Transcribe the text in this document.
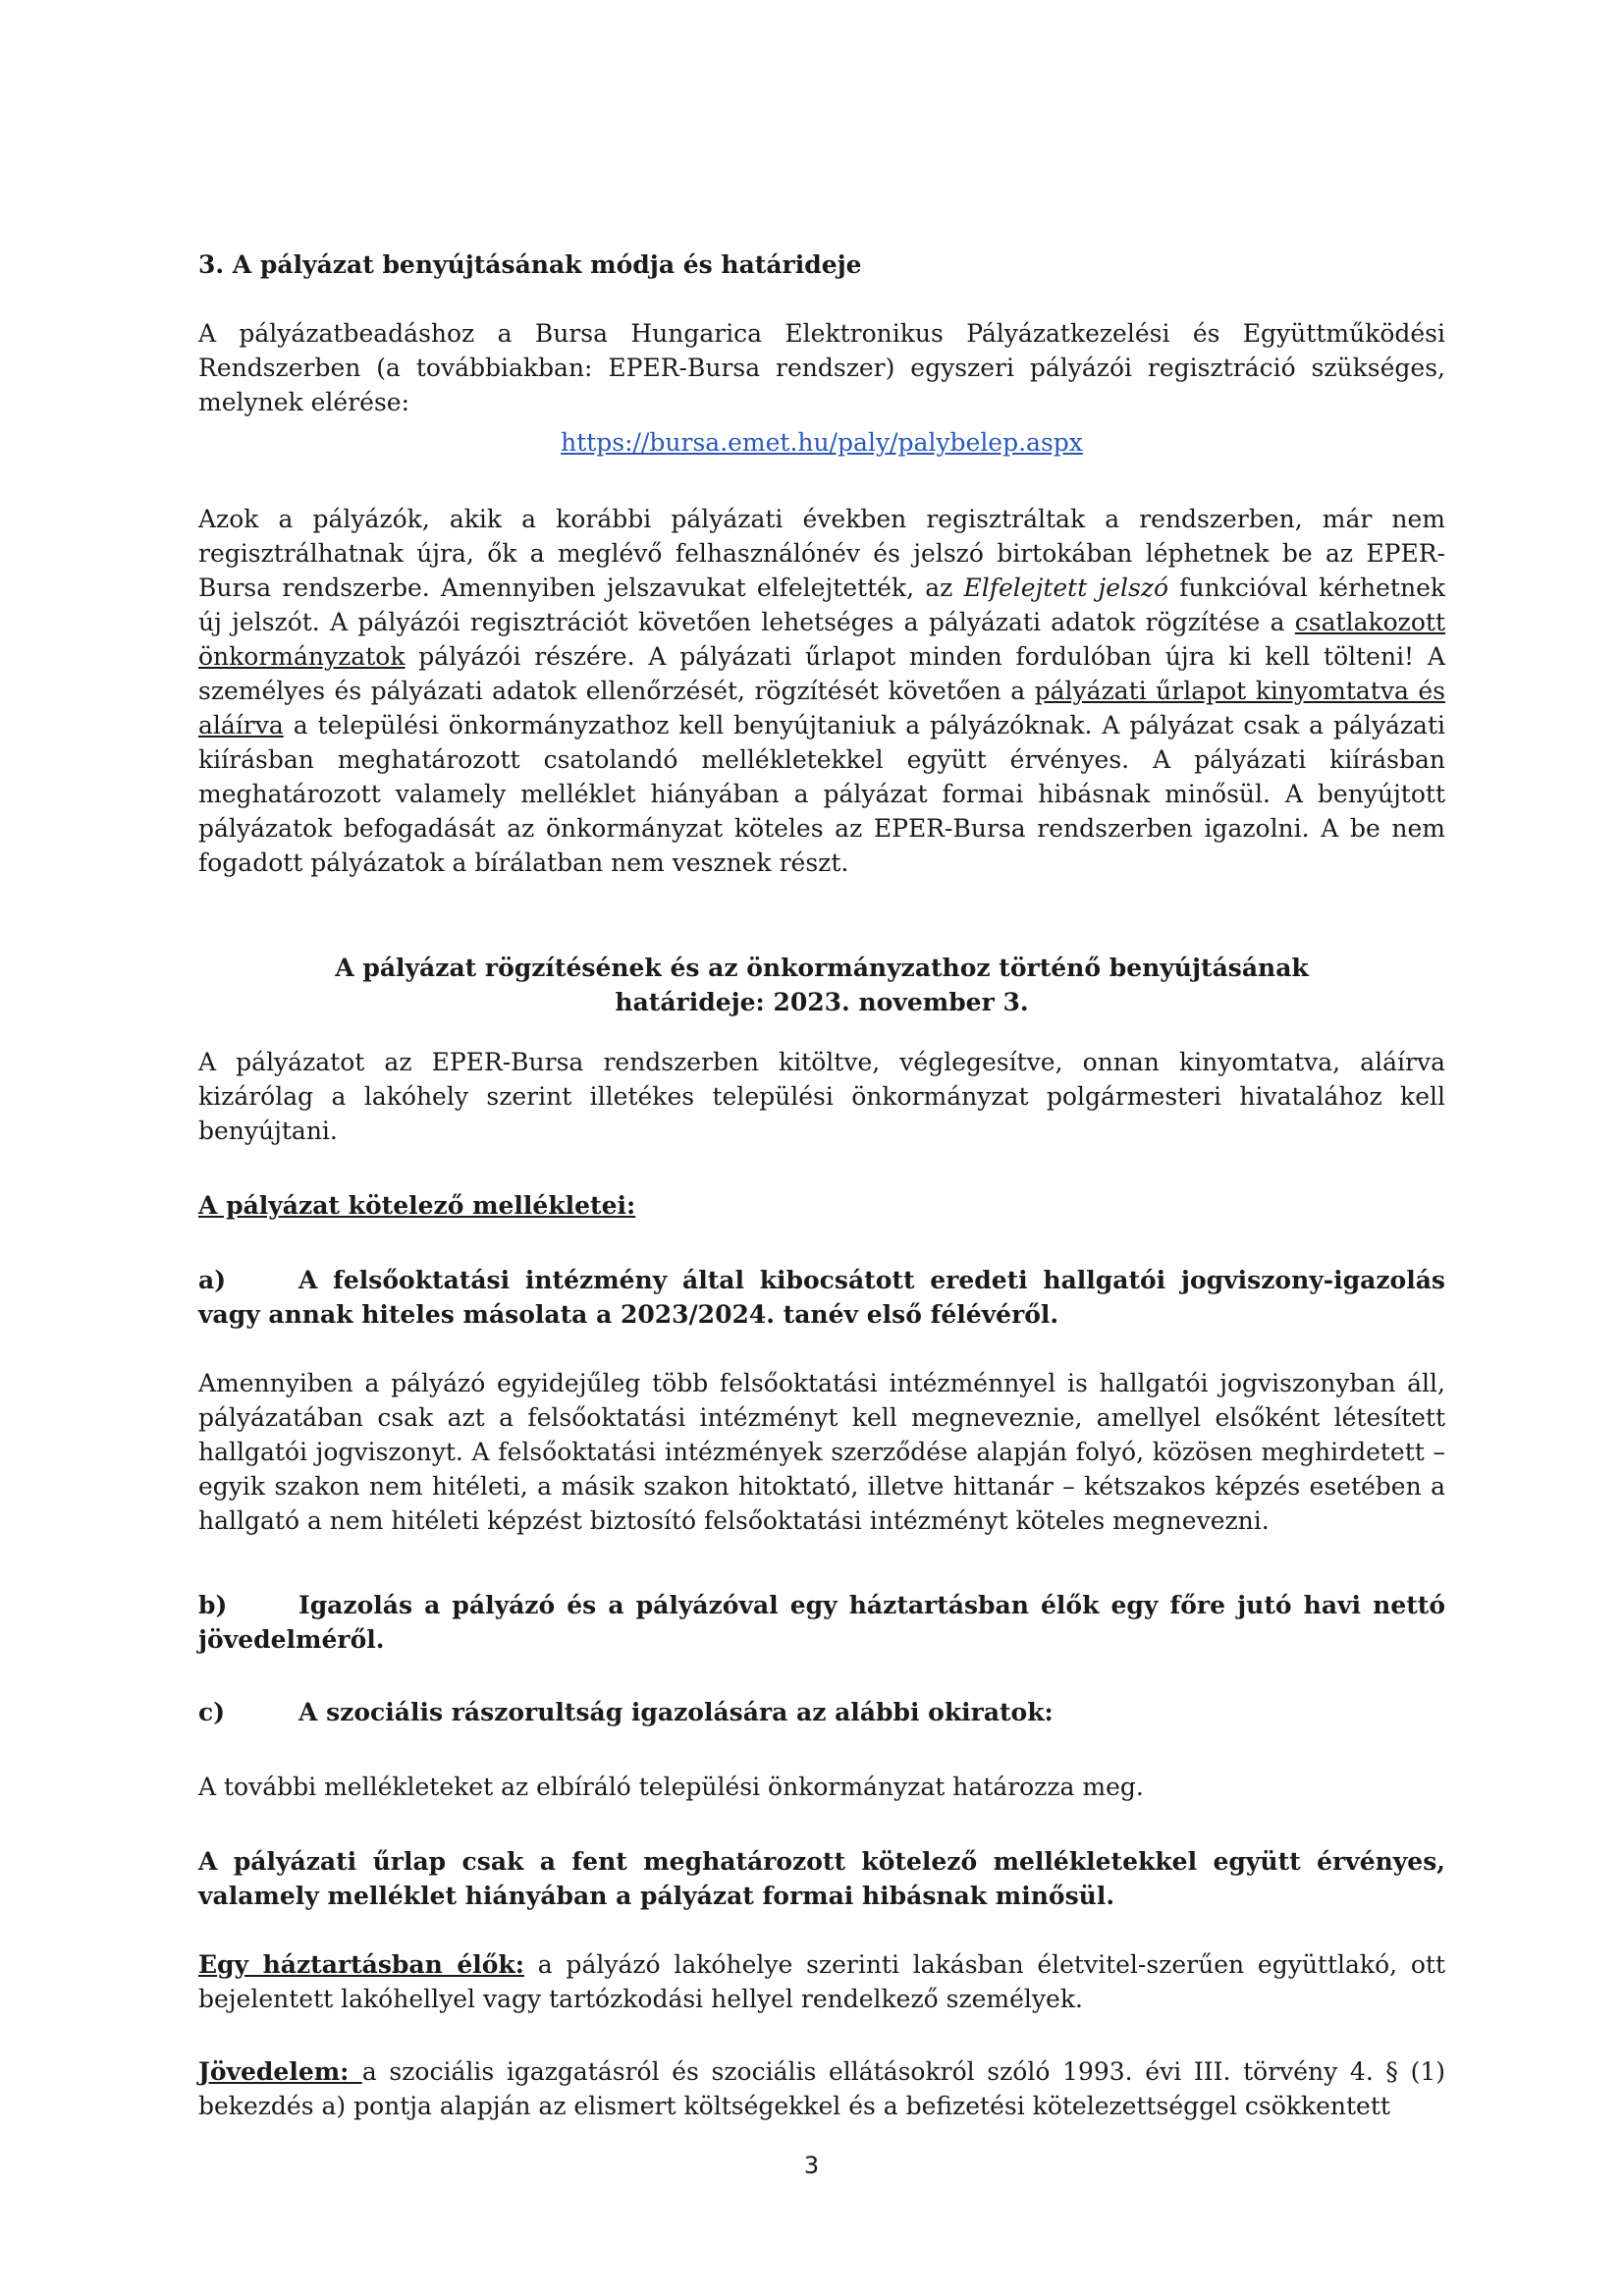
3. A pályázat benyújtásának módja és határideje

A pályázatbeadáshoz a Bursa Hungarica Elektronikus Pályázatkezelési és Együttműködési Rendszerben (a továbbiakban: EPER-Bursa rendszer) egyszeri pályázói regisztráció szükséges, melynek elérése:

https://bursa.emet.hu/paly/palybelep.aspx

Azok a pályázók, akik a korábbi pályázati években regisztráltak a rendszerben, már nem regisztrálhatnak újra, ők a meglévő felhasználónév és jelszó birtokában léphetnek be az EPER-Bursa rendszerbe. Amennyiben jelszavukat elfelejtették, az Elfelejtett jelszó funkcióval kérhetnek új jelszót. A pályázói regisztrációt követően lehetséges a pályázati adatok rögzítése a csatlakozott önkormányzatok pályázói részére. A pályázati űrlapot minden fordulóban újra ki kell tölteni! A személyes és pályázati adatok ellenőrzését, rögzítését követően a pályázati űrlapot kinyomtatva és aláírva a települési önkormányzathoz kell benyújtaniuk a pályázóknak. A pályázat csak a pályázati kiírásban meghatározott csatolandó mellékletekkel együtt érvényes. A pályázati kiírásban meghatározott valamely melléklet hiányában a pályázat formai hibásnak minősül. A benyújtott pályázatok befogadását az önkormányzat köteles az EPER-Bursa rendszerben igazolni. A be nem fogadott pályázatok a bírálatban nem vesznek részt.

A pályázat rögzítésének és az önkormányzathoz történő benyújtásának
határideje: 2023. november 3.

A pályázatot az EPER-Bursa rendszerben kitöltve, véglegesítve, onnan kinyomtatva, aláírva kizárólag a lakóhely szerint illetékes települési önkormányzat polgármesteri hivatalához kell benyújtani.

A pályázat kötelező mellékletei:

a)	A felsőoktatási intézmény által kibocsátott eredeti hallgatói jogviszony-igazolás vagy annak hiteles másolata a 2023/2024. tanév első félévéről.

Amennyiben a pályázó egyidejűleg több felsőoktatási intézménnyel is hallgatói jogviszonyban áll, pályázatában csak azt a felsőoktatási intézményt kell megneveznie, amellyel elsőként létesített hallgatói jogviszonyt. A felsőoktatási intézmények szerződése alapján folyó, közösen meghirdetett – egyik szakon nem hitéleti, a másik szakon hitoktató, illetve hittanár – kétszakos képzés esetében a hallgató a nem hitéleti képzést biztosító felsőoktatási intézményt köteles megnevezni.

b)	Igazolás a pályázó és a pályázóval egy háztartásban élők egy főre jutó havi nettó jövedelméről.

c)	A szociális rászorultság igazolására az alábbi okiratok:

A további mellékleteket az elbíráló települési önkormányzat határozza meg.

A pályázati űrlap csak a fent meghatározott kötelező mellékletekkel együtt érvényes, valamely melléklet hiányában a pályázat formai hibásnak minősül.

Egy háztartásban élők: a pályázó lakóhelye szerinti lakásban életvitel-szerűen együttlakó, ott bejelentett lakóhellyel vagy tartózkodási hellyel rendelkező személyek.

Jövedelem: a szociális igazgatásról és szociális ellátásokról szóló 1993. évi III. törvény 4. § (1) bekezdés a) pontja alapján az elismert költségekkel és a befizetési kötelezettséggel csökkentett

3
